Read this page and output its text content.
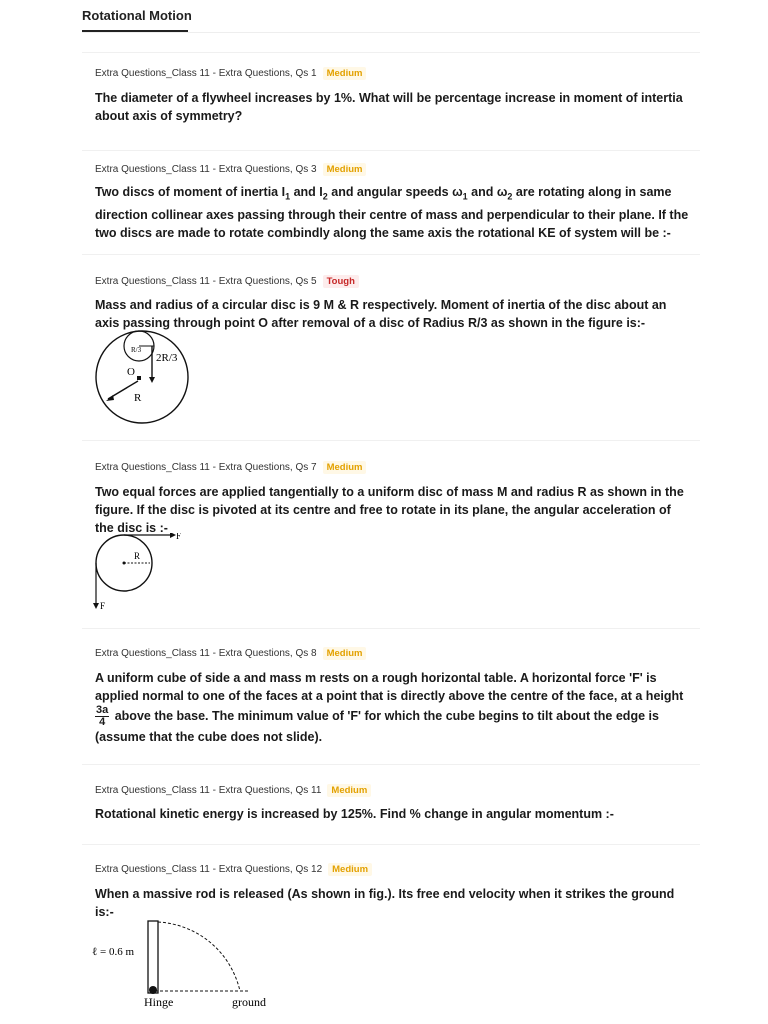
Rotational Motion
Extra Questions_Class 11 - Extra Questions, Qs 1 Medium
The diameter of a flywheel increases by 1%. What will be percentage increase in moment of intertia about axis of symmetry?
Extra Questions_Class 11 - Extra Questions, Qs 3 Medium
Two discs of moment of inertia $I_1$ and $I_2$ and angular speeds $\omega_1$ and $\omega_2$ are rotating along in same direction collinear axes passing through their centre of mass and perpendicular to their plane. If the two discs are made to rotate combindly along the same axis the rotational KE of system will be :-
Extra Questions_Class 11 - Extra Questions, Qs 5 Tough
Mass and radius of a circular disc is 9 M & R respectively. Moment of inertia of the disc about an axis passing through point O after removal of a disc of Radius R/3 as shown in the figure is:-
R/3
2R/3
O
R
Extra Questions_Class 11 - Extra Questions, Qs 7 Medium
Two equal forces are applied tangentially to a uniform disc of mass M and radius R as shown in the figure. If the disc is pivoted at its centre and free to rotate in its plane, the angular acceleration of the disc is :-
F
F
R
Extra Questions_Class 11 - Extra Questions, Qs 8 Medium
A uniform cube of side a and mass m rests on a rough horizontal table. A horizontal force 'F' is applied normal to one of the faces at a point that is directly above the centre of the face, at a height
$\frac{3a}{4}$ above the base. The minimum value of 'F' for which the cube begins to tilt about the edge is (assume that the cube does not slide).
Extra Questions_Class 11 - Extra Questions, Qs 11 Medium
Rotational kinetic energy is increased by 125%. Find % change in angular momentum :-
Extra Questions_Class 11 - Extra Questions, Qs 12 Medium
When a massive rod is released (As shown in fig.). Its free end velocity when it strikes the ground is:-
ℓ = 0.6 m
Hinge	ground
